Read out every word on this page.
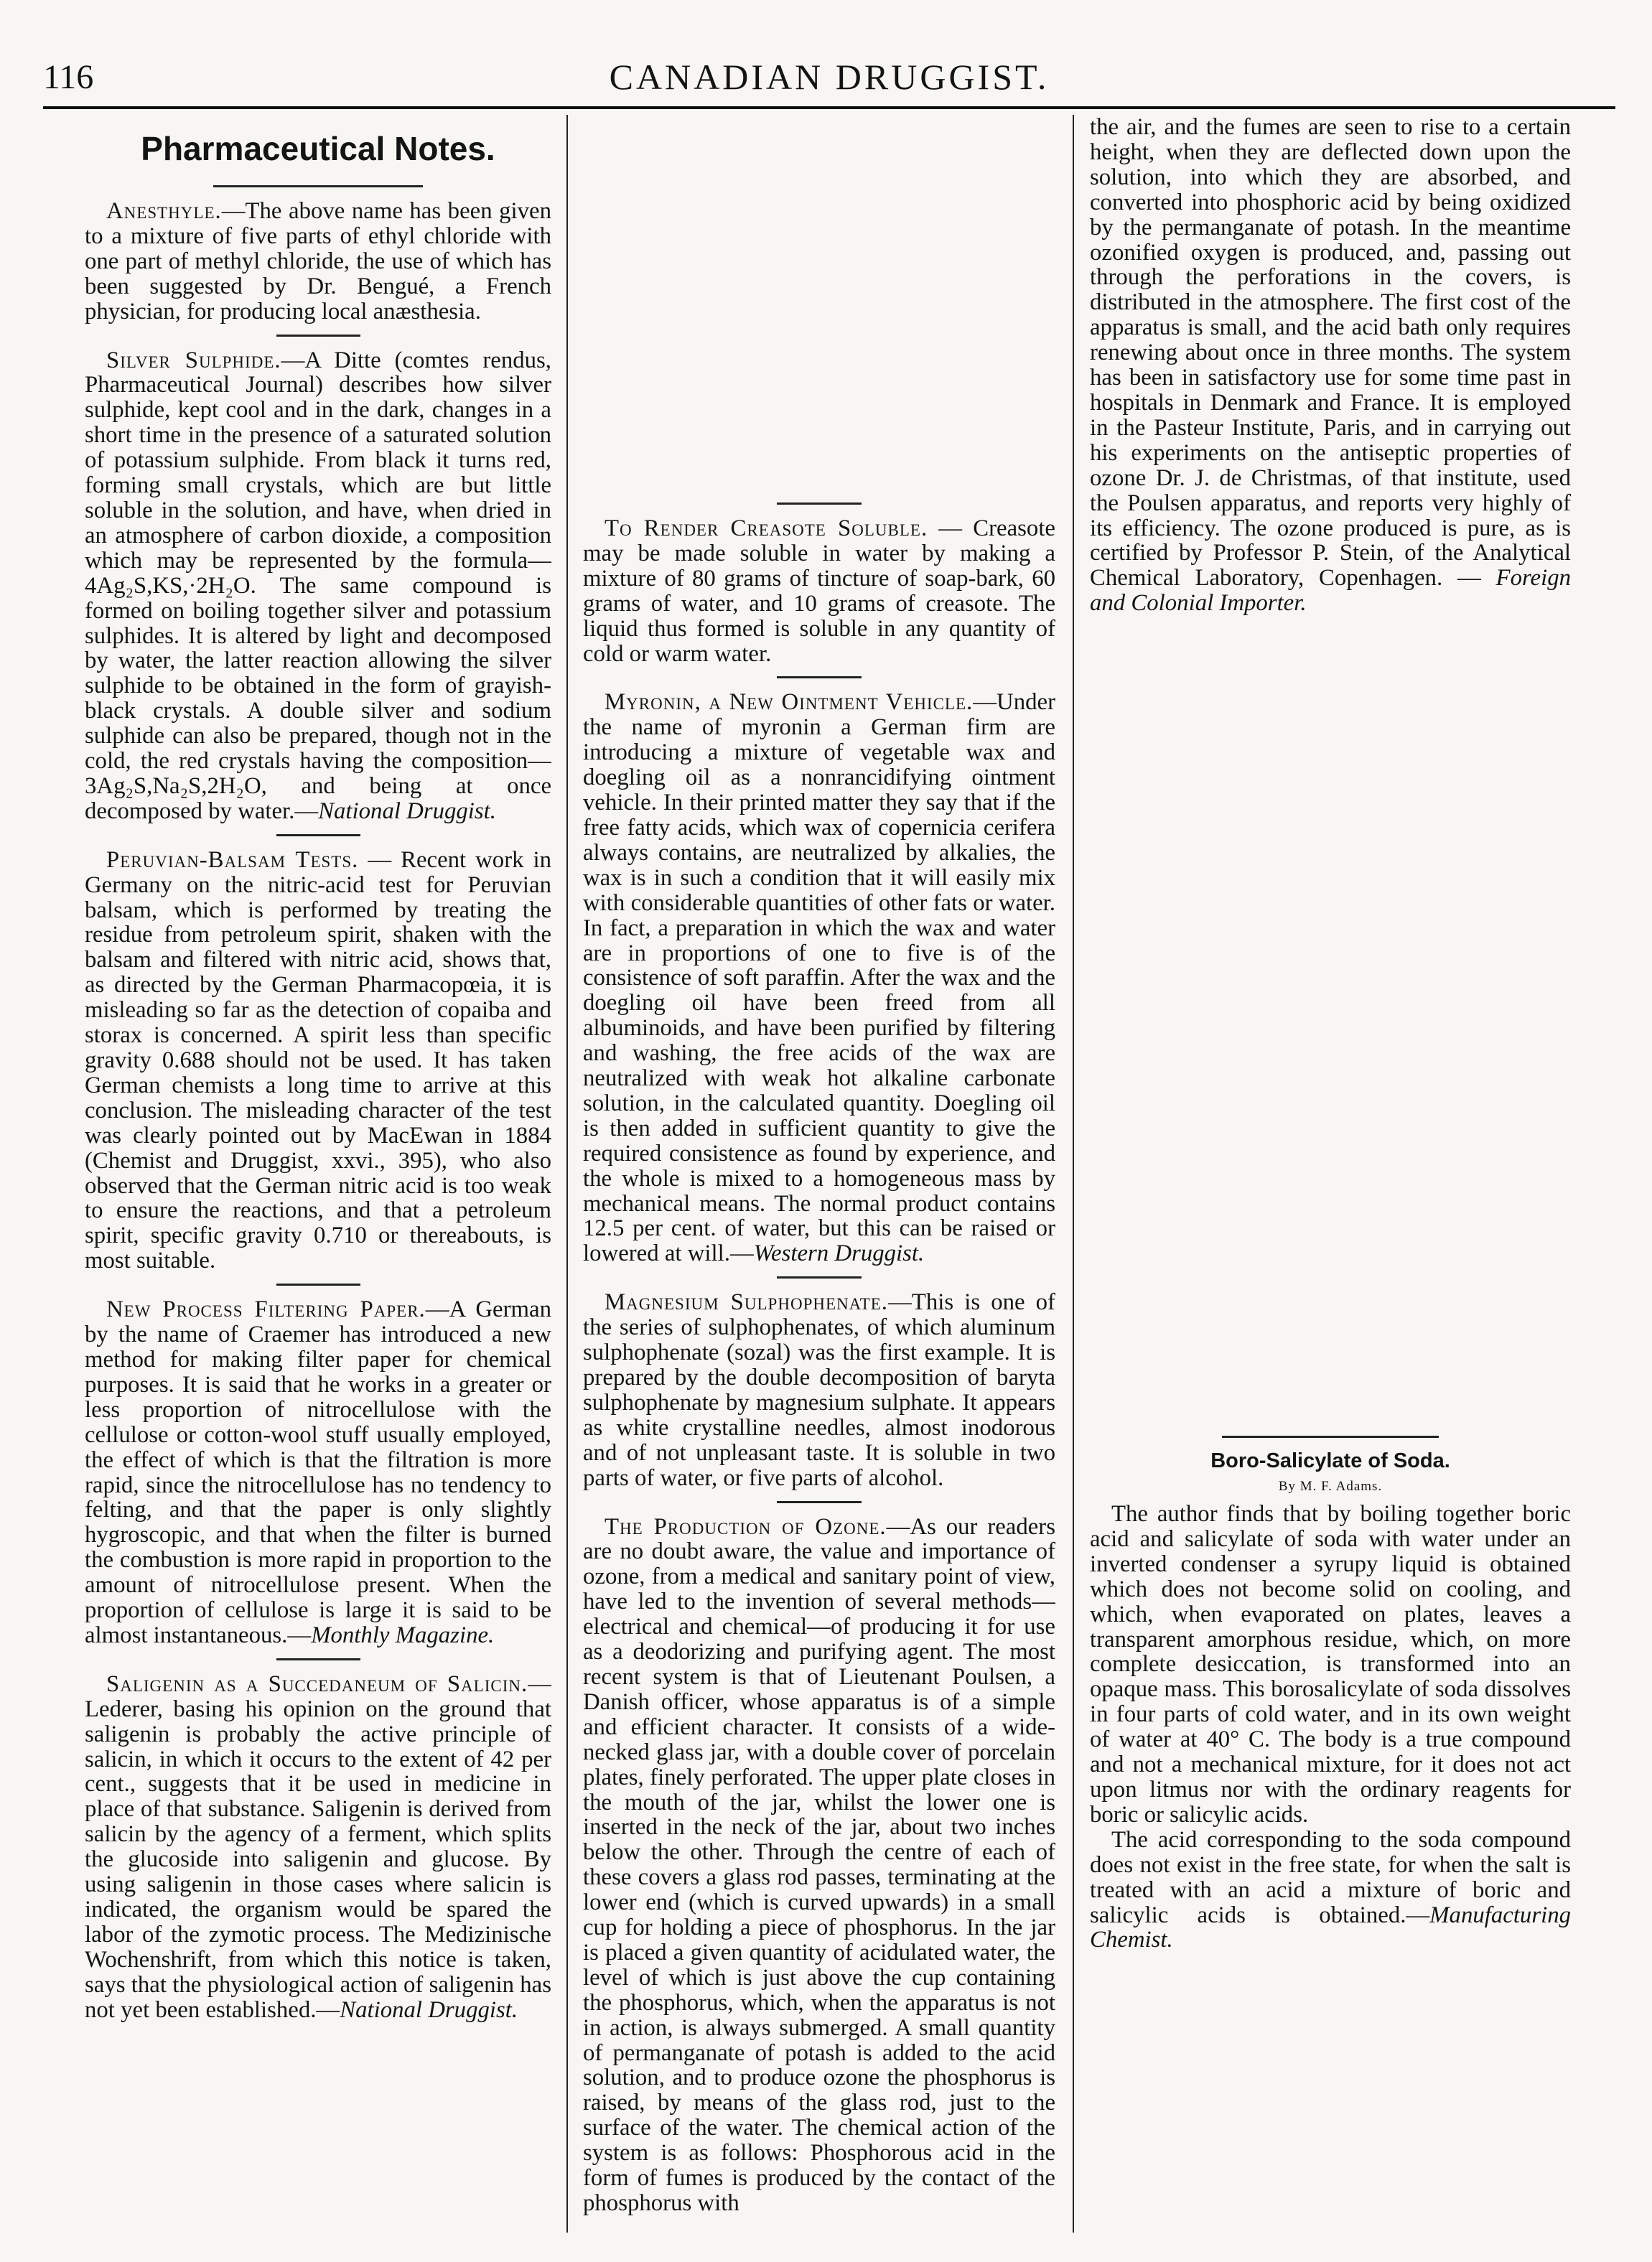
116	CANADIAN DRUGGIST.
Pharmaceutical Notes.

Anesthyle.—The above name has been given to a mixture of five parts of ethyl chloride with one part of methyl chloride, the use of which has been suggested by Dr. Bengué, a French physician, for producing local anæsthesia.

Silver Sulphide.—A Ditte (comtes rendus, Pharmaceutical Journal) describes how silver sulphide, kept cool and in the dark, changes in a short time in the presence of a saturated solution of potassium sulphide. From black it turns red, forming small crystals, which are but little soluble in the solution, and have, when dried in an atmosphere of carbon dioxide, a composition which may be represented by the formula—4Ag₂S,KS,·2H₂O. The same compound is formed on boiling together silver and potassium sulphides. It is altered by light and decomposed by water, the latter reaction allowing the silver sulphide to be obtained in the form of grayish-black crystals. A double silver and sodium sulphide can also be prepared, though not in the cold, the red crystals having the composition—3Ag₂S,Na₂S,2H₂O, and being at once decomposed by water.—National Druggist.

Peruvian-Balsam Tests. — Recent work in Germany on the nitric-acid test for Peruvian balsam, which is performed by treating the residue from petroleum spirit, shaken with the balsam and filtered with nitric acid, shows that, as directed by the German Pharmacopœia, it is misleading so far as the detection of copaiba and storax is concerned. A spirit less than specific gravity 0.688 should not be used. It has taken German chemists a long time to arrive at this conclusion. The misleading character of the test was clearly pointed out by MacEwan in 1884 (Chemist and Druggist, xxvi., 395), who also observed that the German nitric acid is too weak to ensure the reactions, and that a petroleum spirit, specific gravity 0.710 or thereabouts, is most suitable.

New Process Filtering Paper.—A German by the name of Craemer has introduced a new method for making filter paper for chemical purposes. It is said that he works in a greater or less proportion of nitrocellulose with the cellulose or cotton-wool stuff usually employed, the effect of which is that the filtration is more rapid, since the nitrocellulose has no tendency to felting, and that the paper is only slightly hygroscopic, and that when the filter is burned the combustion is more rapid in proportion to the amount of nitrocellulose present. When the proportion of cellulose is large it is said to be almost instantaneous.—Monthly Magazine.

Saligenin as a Succedaneum of Salicin.—Lederer, basing his opinion on the ground that saligenin is probably the active principle of salicin, in which it occurs to the extent of 42 per cent., suggests that it be used in medicine in place of that substance. Saligenin is derived from salicin by the agency of a ferment, which splits the glucoside into saligenin and glucose. By using saligenin in those cases where salicin is indicated, the organism would be spared the labor of the zymotic process. The Medizinische Wochenshrift, from which this notice is taken, says that the physiological action of saligenin has not yet been established.—National Druggist.

To Render Creasote Soluble. — Creasote may be made soluble in water by making a mixture of 80 grams of tincture of soap-bark, 60 grams of water, and 10 grams of creasote. The liquid thus formed is soluble in any quantity of cold or warm water.

Myronin, a New Ointment Vehicle.—Under the name of myronin a German firm are introducing a mixture of vegetable wax and doegling oil as a nonrancidifying ointment vehicle. In their printed matter they say that if the free fatty acids, which wax of copernicia cerifera always contains, are neutralized by alkalies, the wax is in such a condition that it will easily mix with considerable quantities of other fats or water. In fact, a preparation in which the wax and water are in proportions of one to five is of the consistence of soft paraffin. After the wax and the doegling oil have been freed from all albuminoids, and have been purified by filtering and washing, the free acids of the wax are neutralized with weak hot alkaline carbonate solution, in the calculated quantity. Doegling oil is then added in sufficient quantity to give the required consistence as found by experience, and the whole is mixed to a homogeneous mass by mechanical means. The normal product contains 12.5 per cent. of water, but this can be raised or lowered at will.—Western Druggist.

Magnesium Sulphophenate.—This is one of the series of sulphophenates, of which aluminum sulphophenate (sozal) was the first example. It is prepared by the double decomposition of baryta sulphophenate by magnesium sulphate. It appears as white crystalline needles, almost inodorous and of not unpleasant taste. It is soluble in two parts of water, or five parts of alcohol.

The Production of Ozone.—As our readers are no doubt aware, the value and importance of ozone, from a medical and sanitary point of view, have led to the invention of several methods—electrical and chemical—of producing it for use as a deodorizing and purifying agent. The most recent system is that of Lieutenant Poulsen, a Danish officer, whose apparatus is of a simple and efficient character. It consists of a wide-necked glass jar, with a double cover of porcelain plates, finely perforated. The upper plate closes in the mouth of the jar, whilst the lower one is inserted in the neck of the jar, about two inches below the other. Through the centre of each of these covers a glass rod passes, terminating at the lower end (which is curved upwards) in a small cup for holding a piece of phosphorus. In the jar is placed a given quantity of acidulated water, the level of which is just above the cup containing the phosphorus, which, when the apparatus is not in action, is always submerged. A small quantity of permanganate of potash is added to the acid solution, and to produce ozone the phosphorus is raised, by means of the glass rod, just to the surface of the water. The chemical action of the system is as follows: Phosphorous acid in the form of fumes is produced by the contact of the phosphorus with

Boro-Salicylate of Soda.
By M. F. Adams.

The author finds that by boiling together boric acid and salicylate of soda with water under an inverted condenser a syrupy liquid is obtained which does not become solid on cooling, and which, when evaporated on plates, leaves a transparent amorphous residue, which, on more complete desiccation, is transformed into an opaque mass. This borosalicylate of soda dissolves in four parts of cold water, and in its own weight of water at 40° C. The body is a true compound and not a mechanical mixture, for it does not act upon litmus nor with the ordinary reagents for boric or salicylic acids.

The acid corresponding to the soda compound does not exist in the free state, for when the salt is treated with an acid a mixture of boric and salicylic acids is obtained.—Manufacturing Chemist.

the air, and the fumes are seen to rise to a certain height, when they are deflected down upon the solution, into which they are absorbed, and converted into phosphoric acid by being oxidized by the permanganate of potash. In the meantime ozonified oxygen is produced, and, passing out through the perforations in the covers, is distributed in the atmosphere. The first cost of the apparatus is small, and the acid bath only requires renewing about once in three months. The system has been in satisfactory use for some time past in hospitals in Denmark and France. It is employed in the Pasteur Institute, Paris, and in carrying out his experiments on the antiseptic properties of ozone Dr. J. de Christmas, of that institute, used the Poulsen apparatus, and reports very highly of its efficiency. The ozone produced is pure, as is certified by Professor P. Stein, of the Analytical Chemical Laboratory, Copenhagen. — Foreign and Colonial Importer.
